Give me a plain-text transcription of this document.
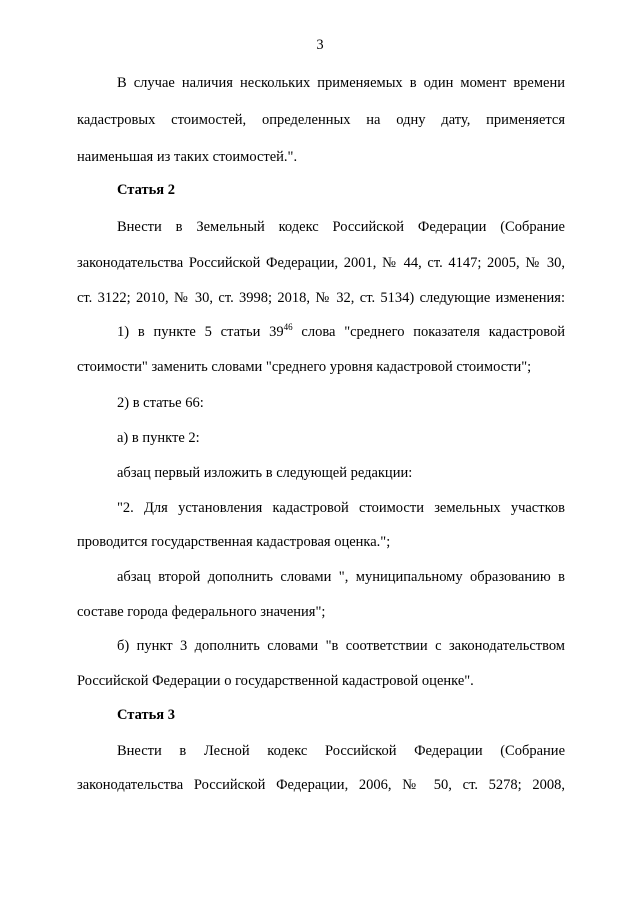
3
В случае наличия нескольких применяемых в один момент времени
кадастровых стоимостей, определенных на одну дату, применяется
наименьшая из таких стоимостей.".
Статья 2
Внести в Земельный кодекс Российской Федерации (Собрание
законодательства Российской Федерации, 2001, № 44, ст. 4147; 2005, № 30,
ст. 3122; 2010, № 30, ст. 3998; 2018, № 32, ст. 5134) следующие изменения:
1) в пункте 5 статьи $39^{46}$ слова "среднего показателя кадастровой
стоимости" заменить словами "среднего уровня кадастровой стоимости";
2) в статье 66:
а) в пункте 2:
абзац первый изложить в следующей редакции:
"2. Для установления кадастровой стоимости земельных участков
проводится государственная кадастровая оценка.";
абзац второй дополнить словами ", муниципальному образованию в
составе города федерального значения";
б) пункт 3 дополнить словами "в соответствии с законодательством
Российской Федерации о государственной кадастровой оценке".
Статья 3
Внести в Лесной кодекс Российской Федерации (Собрание
законодательства Российской Федерации, 2006, № 50, ст. 5278; 2008,
